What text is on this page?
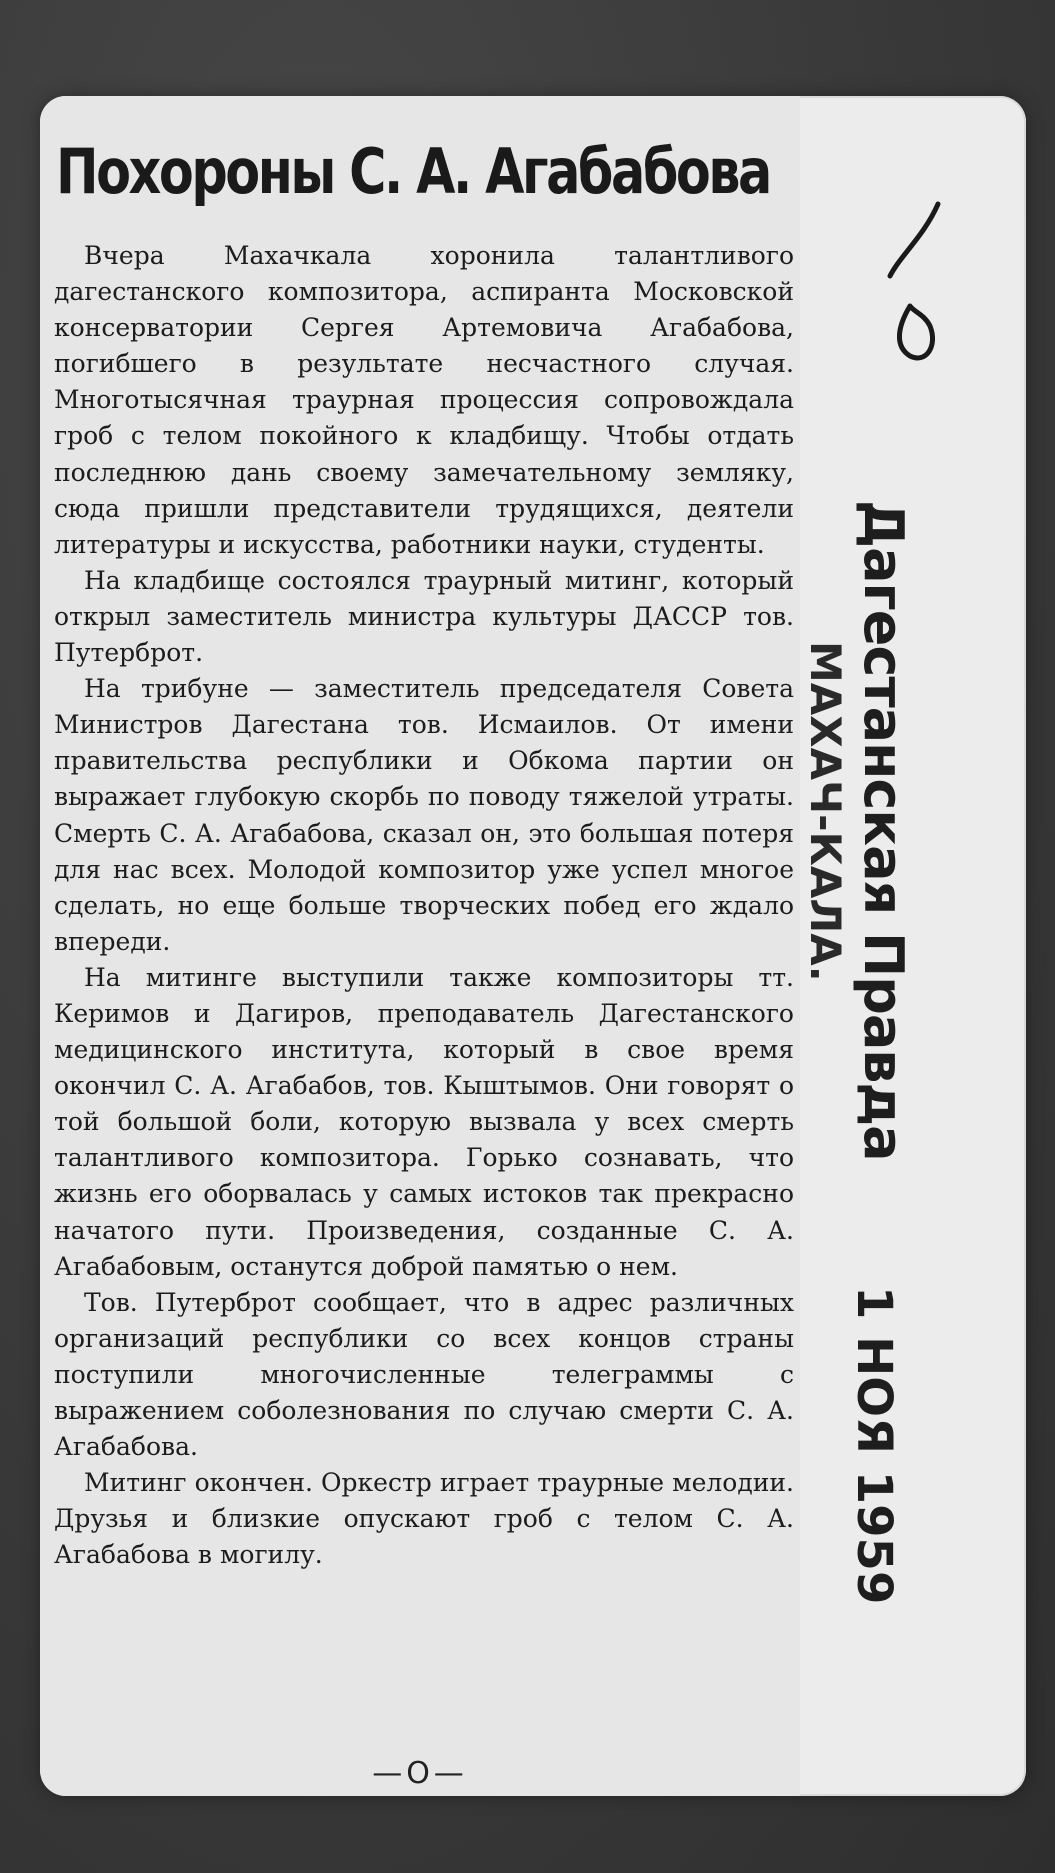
Похороны С. А. Агабабова

Вчера Махачкала хоронила талантливого дагестанского композитора, аспиранта Московской консерватории Сергея Артемовича Агабабова, погибшего в результате несчастного случая. Многотысячная траурная процессия сопровождала гроб с телом покойного к кладбищу. Чтобы отдать последнюю дань своему замечательному земляку, сюда пришли представители трудящихся, деятели литературы и искусства, работники науки, студенты.

На кладбище состоялся траурный митинг, который открыл заместитель министра культуры ДАССР тов. Путерброт.

На трибуне — заместитель председателя Совета Министров Дагестана тов. Исмаилов. От имени правительства республики и Обкома партии он выражает глубокую скорбь по поводу тяжелой утраты. Смерть С. А. Агабабова, сказал он, это большая потеря для нас всех. Молодой композитор уже успел многое сделать, но еще больше творческих побед его ждало впереди.

На митинге выступили также композиторы тт. Керимов и Дагиров, преподаватель Дагестанского медицинского института, который в свое время окончил С. А. Агабабов, тов. Кыштымов. Они говорят о той большой боли, которую вызвала у всех смерть талантливого композитора. Горько сознавать, что жизнь его оборвалась у самых истоков так прекрасно начатого пути. Произведения, созданные С. А. Агабабовым, останутся доброй памятью о нем.

Тов. Путерброт сообщает, что в адрес различных организаций республики со всех концов страны поступили многочисленные телеграммы с выражением соболезнования по случаю смерти С. А. Агабабова.

Митинг окончен. Оркестр играет траурные мелодии. Друзья и близкие опускают гроб с телом С. А. Агабабова в могилу.

—O—
Дагестанская Правда
МАХАЧ-КАЛА.
1 НОЯ 1959
